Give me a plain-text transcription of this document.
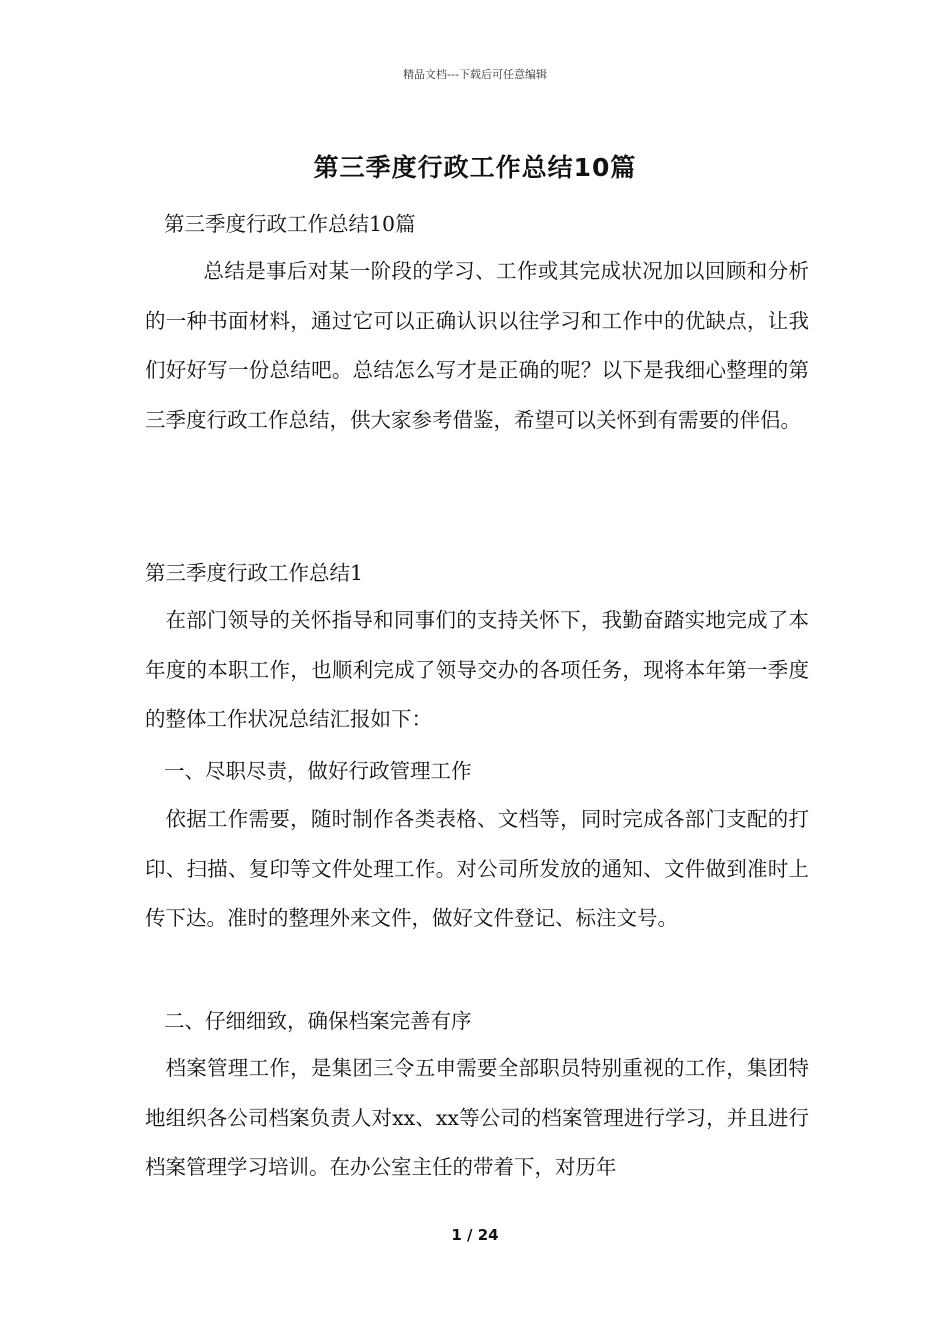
精品文档---下载后可任意编辑
第三季度行政工作总结10篇
第三季度行政工作总结10篇

总结是事后对某一阶段的学习、工作或其完成状况加以回顾和分析的一种书面材料，通过它可以正确认识以往学习和工作中的优缺点，让我们好好写一份总结吧。总结怎么写才是正确的呢？以下是我细心整理的第三季度行政工作总结，供大家参考借鉴，希望可以关怀到有需要的伴侣。

第三季度行政工作总结1

在部门领导的关怀指导和同事们的支持关怀下，我勤奋踏实地完成了本年度的本职工作，也顺利完成了领导交办的各项任务，现将本年第一季度的整体工作状况总结汇报如下：

一、尽职尽责，做好行政管理工作

依据工作需要，随时制作各类表格、文档等，同时完成各部门支配的打印、扫描、复印等文件处理工作。对公司所发放的通知、文件做到准时上传下达。准时的整理外来文件，做好文件登记、标注文号。

二、仔细细致，确保档案完善有序

档案管理工作，是集团三令五申需要全部职员特别重视的工作，集团特地组织各公司档案负责人对xx、xx等公司的档案管理进行学习，并且进行档案管理学习培训。在办公室主任的带着下，对历年

1 / 24
